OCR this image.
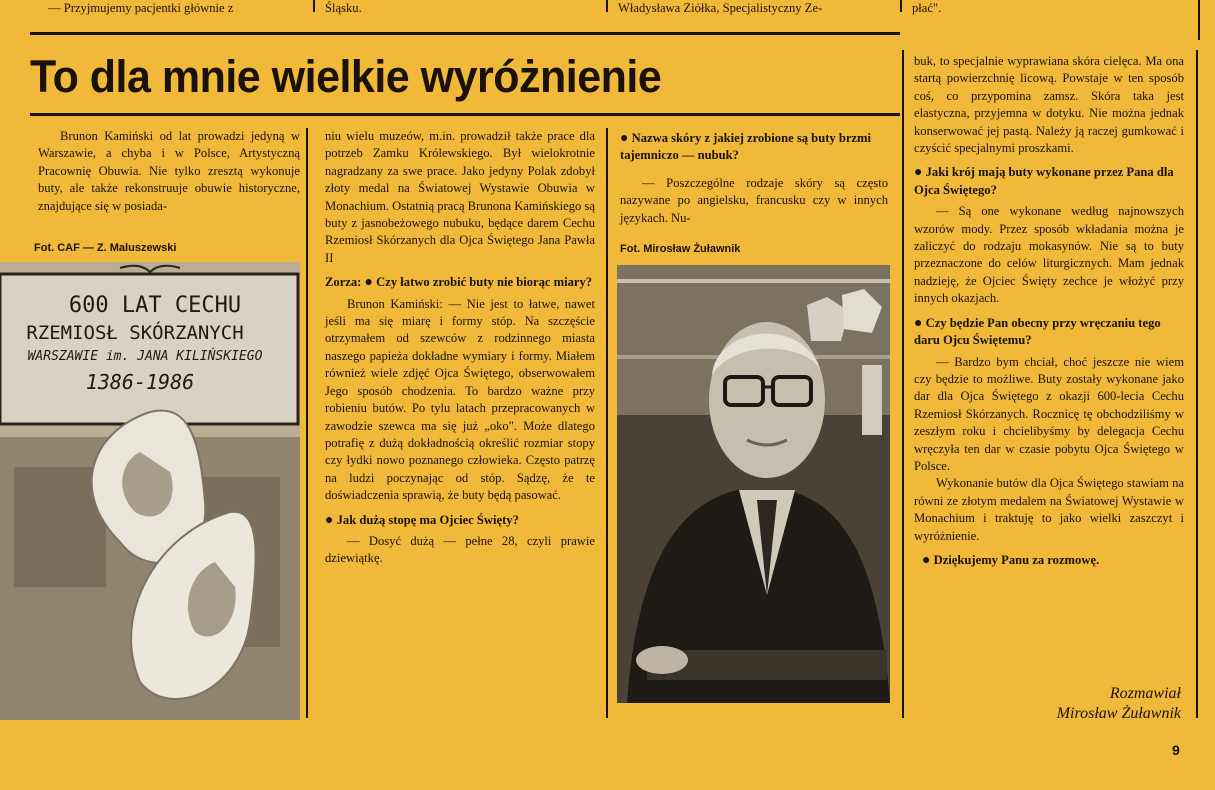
— Przyjmujemy pacjentki głównie z	Śląsku.	Władysława Ziółka, Specjalistyczny Ze-	płać".
To dla mnie wielkie wyróżnienie

Brunon Kamiński od lat prowadzi jedyną w Warszawie, a chyba i w Polsce, Artystyczną Pracownię Obuwia. Nie tylko zresztą wykonuje buty, ale także rekonstruuje obuwie historyczne, znajdujące się w posiada-

Fot. CAF — Z. Maluszewski
600 LAT CECHU
RZEMIOSŁ SKÓRZANYCH
WARSZAWIE im. JANA KILIŃSKIEGO
1386-1986

niu wielu muzeów, m.in. prowadził także prace dla potrzeb Zamku Królewskiego. Był wielokrotnie nagradzany za swe prace. Jako jedyny Polak zdobył złoty medal na Światowej Wystawie Obuwia w Monachium. Ostatnią pracą Brunona Kamińskiego są buty z jasnobeżowego nubuku, będące darem Cechu Rzemiosł Skórzanych dla Ojca Świętego Jana Pawła II

Zorza: ● Czy łatwo zrobić buty nie biorąc miary?

Brunon Kamiński: — Nie jest to łatwe, nawet jeśli ma się miarę i formy stóp. Na szczęście otrzymałem od szewców z rodzinnego miasta naszego papieża dokładne wymiary i formy. Miałem również wiele zdjęć Ojca Świętego, obserwowałem Jego sposób chodzenia. To bardzo ważne przy robieniu butów. Po tylu latach przepracowanych w zawodzie szewca ma się już „oko". Może dlatego potrafię z dużą dokładnością określić rozmiar stopy czy łydki nowo poznanego człowieka. Często patrzę na ludzi poczynając od stóp. Sądzę, że te doświadczenia sprawią, że buty będą pasować.

● Jak dużą stopę ma Ojciec Święty?

— Dosyć dużą — pełne 28, czyli prawie dziewiątkę.

● Nazwa skóry z jakiej zrobione są buty brzmi tajemniczo — nubuk?

— Poszczególne rodzaje skóry są często nazywane po angielsku, francusku czy w innych językach. Nu-

Fot. Mirosław Żuławnik

buk, to specjalnie wyprawiana skóra cielęca. Ma ona startą powierzchnię licową. Powstaje w ten sposób coś, co przypomina zamsz. Skóra taka jest elastyczna, przyjemna w dotyku. Nie można jednak konserwować jej pastą. Należy ją raczej gumkować i czyścić specjalnymi proszkami.

● Jaki krój mają buty wykonane przez Pana dla Ojca Świętego?

— Są one wykonane według najnowszych wzorów mody. Przez sposób wkładania można je zaliczyć do rodzaju mokasynów. Nie są to buty przeznaczone do celów liturgicznych. Mam jednak nadzieję, że Ojciec Święty zechce je włożyć przy innych okazjach.

● Czy będzie Pan obecny przy wręczaniu tego daru Ojcu Świętemu?

— Bardzo bym chciał, choć jeszcze nie wiem czy będzie to możliwe. Buty zostały wykonane jako dar dla Ojca Świętego z okazji 600-lecia Cechu Rzemiosł Skórzanych. Rocznicę tę obchodziliśmy w zeszłym roku i chcielibyśmy by delegacja Cechu wręczyła ten dar w czasie pobytu Ojca Świętego w Polsce.

Wykonanie butów dla Ojca Świętego stawiam na równi ze złotym medalem na Światowej Wystawie w Monachium i traktuję to jako wielki zaszczyt i wyróżnienie.

● Dziękujemy Panu za rozmowę.

Rozmawiał
Mirosław Żuławnik
9
